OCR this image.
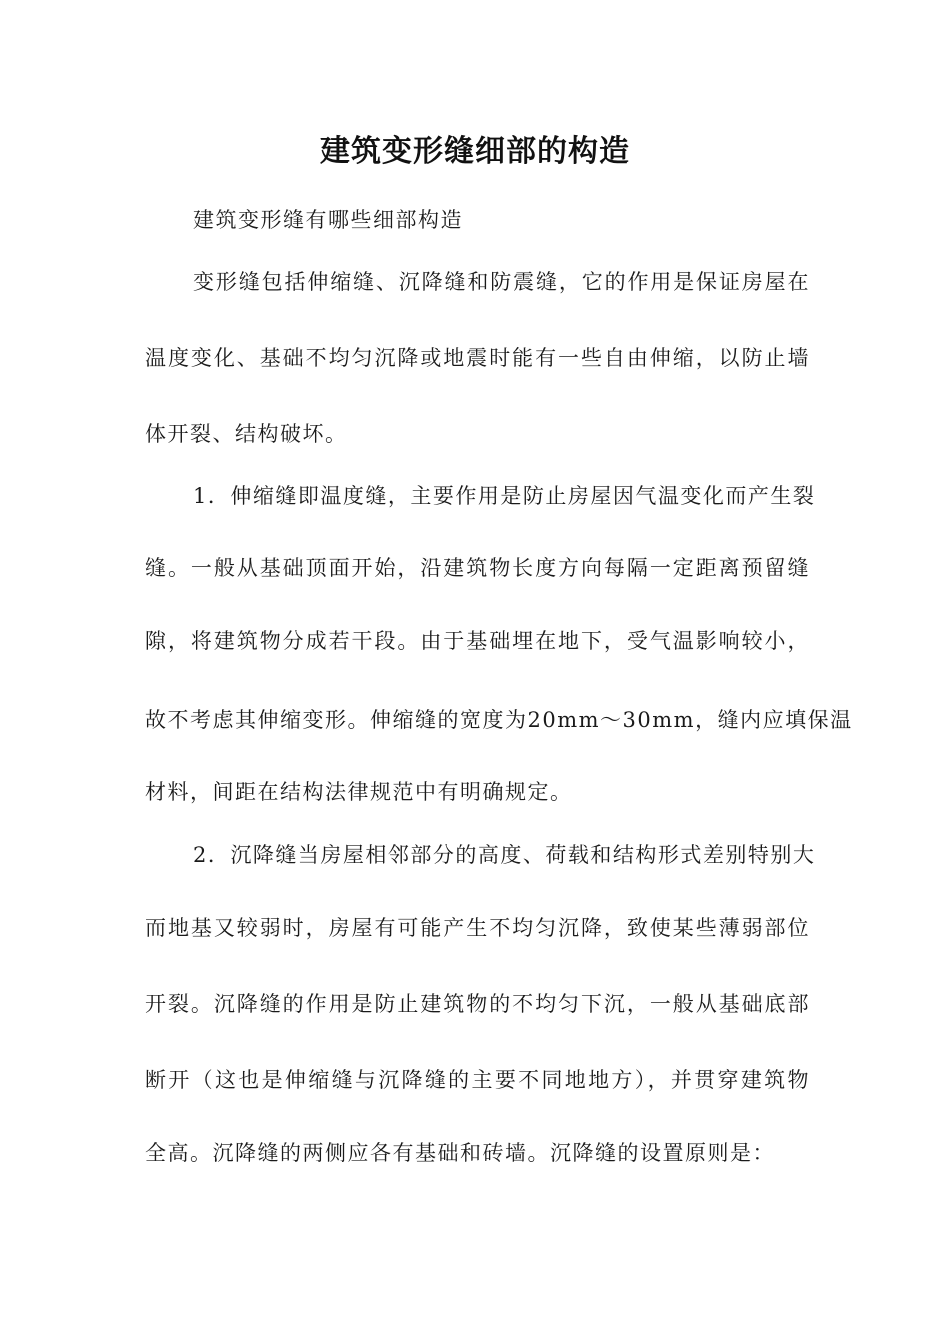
建筑变形缝细部的构造
建筑变形缝有哪些细部构造
变形缝包括伸缩缝、沉降缝和防震缝，它的作用是保证房屋在
温度变化、基础不均匀沉降或地震时能有一些自由伸缩，以防止墙
体开裂、结构破坏。
1．伸缩缝即温度缝，主要作用是防止房屋因气温变化而产生裂
缝。一般从基础顶面开始，沿建筑物长度方向每隔一定距离预留缝
隙，将建筑物分成若干段。由于基础埋在地下，受气温影响较小，
故不考虑其伸缩变形。伸缩缝的宽度为20mm～30mm，缝内应填保温
材料，间距在结构法律规范中有明确规定。
2．沉降缝当房屋相邻部分的高度、荷载和结构形式差别特别大
而地基又较弱时，房屋有可能产生不均匀沉降，致使某些薄弱部位
开裂。沉降缝的作用是防止建筑物的不均匀下沉，一般从基础底部
断开（这也是伸缩缝与沉降缝的主要不同地地方），并贯穿建筑物
全高。沉降缝的两侧应各有基础和砖墙。沉降缝的设置原则是：
